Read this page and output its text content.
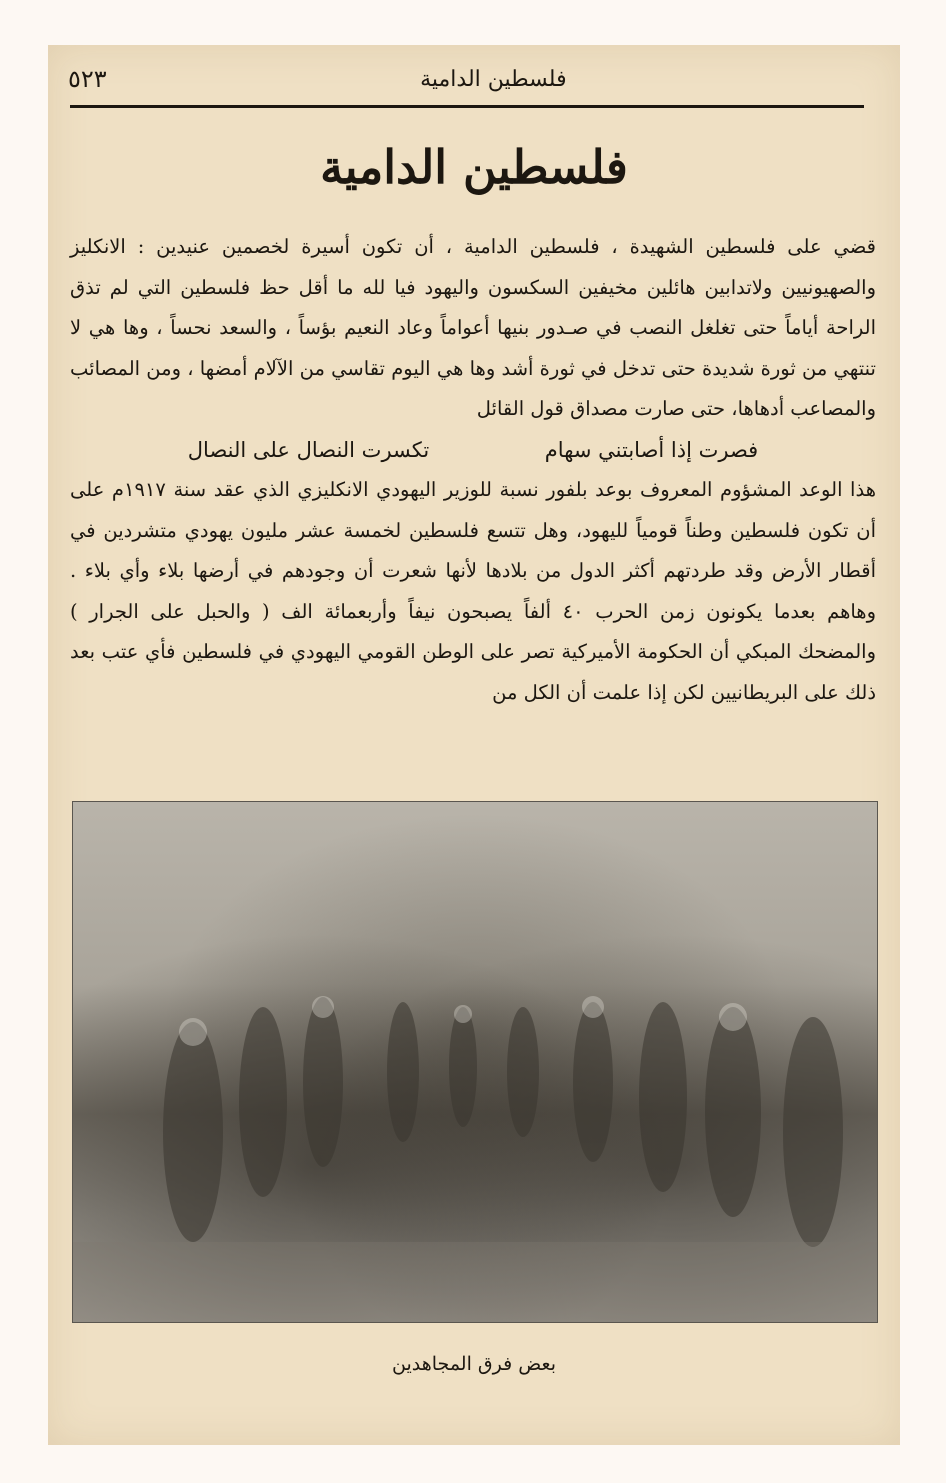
فلسطين الدامية
٥٢٣
فلسطين الدامية

قضي على فلسطين الشهيدة ، فلسطين الدامية ، أن تكون أسيرة لخصمين عنيدين : الانكليز والصهيونيين ولاتدابين هائلين مخيفين السكسون واليهود فيا لله ما أقل حظ فلسطين التي لم تذق الراحة أياماً حتى تغلغل النصب في صـدور بنيها أعواماً وعاد النعيم بؤساً ، والسعد نحساً ، وها هي لا تنتهي من ثورة شديدة حتى تدخل في ثورة أشد وها هي اليوم تقاسي من الآلام أمضها ، ومن المصائب والمصاعب أدهاها، حتى صارت مصداق قول القائل

فصرت إذا أصابتني سهام
تكسرت النصال على النصال

هذا الوعد المشؤوم المعروف بوعد بلفور نسبة للوزير اليهودي الانكليزي الذي عقد سنة ١٩١٧م على أن تكون فلسطين وطناً قومياً لليهود، وهل تتسع فلسطين لخمسة عشر مليون يهودي متشردين في أقطار الأرض وقد طردتهم أكثر الدول من بلادها لأنها شعرت أن وجودهم في أرضها بلاء وأي بلاء . وهاهم بعدما يكونون زمن الحرب ٤٠ ألفاً يصبحون نيفاً وأربعمائة الف ( والحبل على الجرار ) والمضحك المبكي أن الحكومة الأميركية تصر على الوطن القومي اليهودي في فلسطين فأي عتب بعد ذلك على البريطانيين لكن إذا علمت أن الكل من

بعض فرق المجاهدين
